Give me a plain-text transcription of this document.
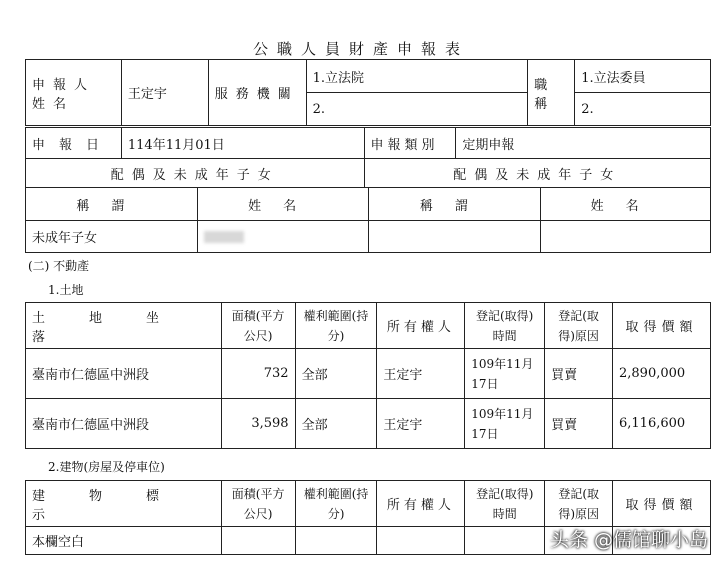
公職人員財產申報表
申報人姓名	王定宇	服務機關	1.立法院	職稱	1.立法委員
			2.		2.
申報日	114年11月01日	申報類別	定期申報
配偶及未成年子女		配偶及未成年子女	
稱謂	姓名	稱謂	姓名
未成年子女			
(二) 不動產
1.土地
土地坐落	面積(平方公尺)	權利範圍(持分)	所有權人	登記(取得)時間	登記(取得)原因	取得價額
臺南市仁德區中洲段	732	全部	王定宇	109年11月17日	買賣	2,890,000
臺南市仁德區中洲段	3,598	全部	王定宇	109年11月17日	買賣	6,116,600
2.建物(房屋及停車位)
建物標示	面積(平方公尺)	權利範圍(持分)	所有權人	登記(取得)時間	登記(取得)原因	取得價額
本欄空白							头条 @儒馆聊小岛
